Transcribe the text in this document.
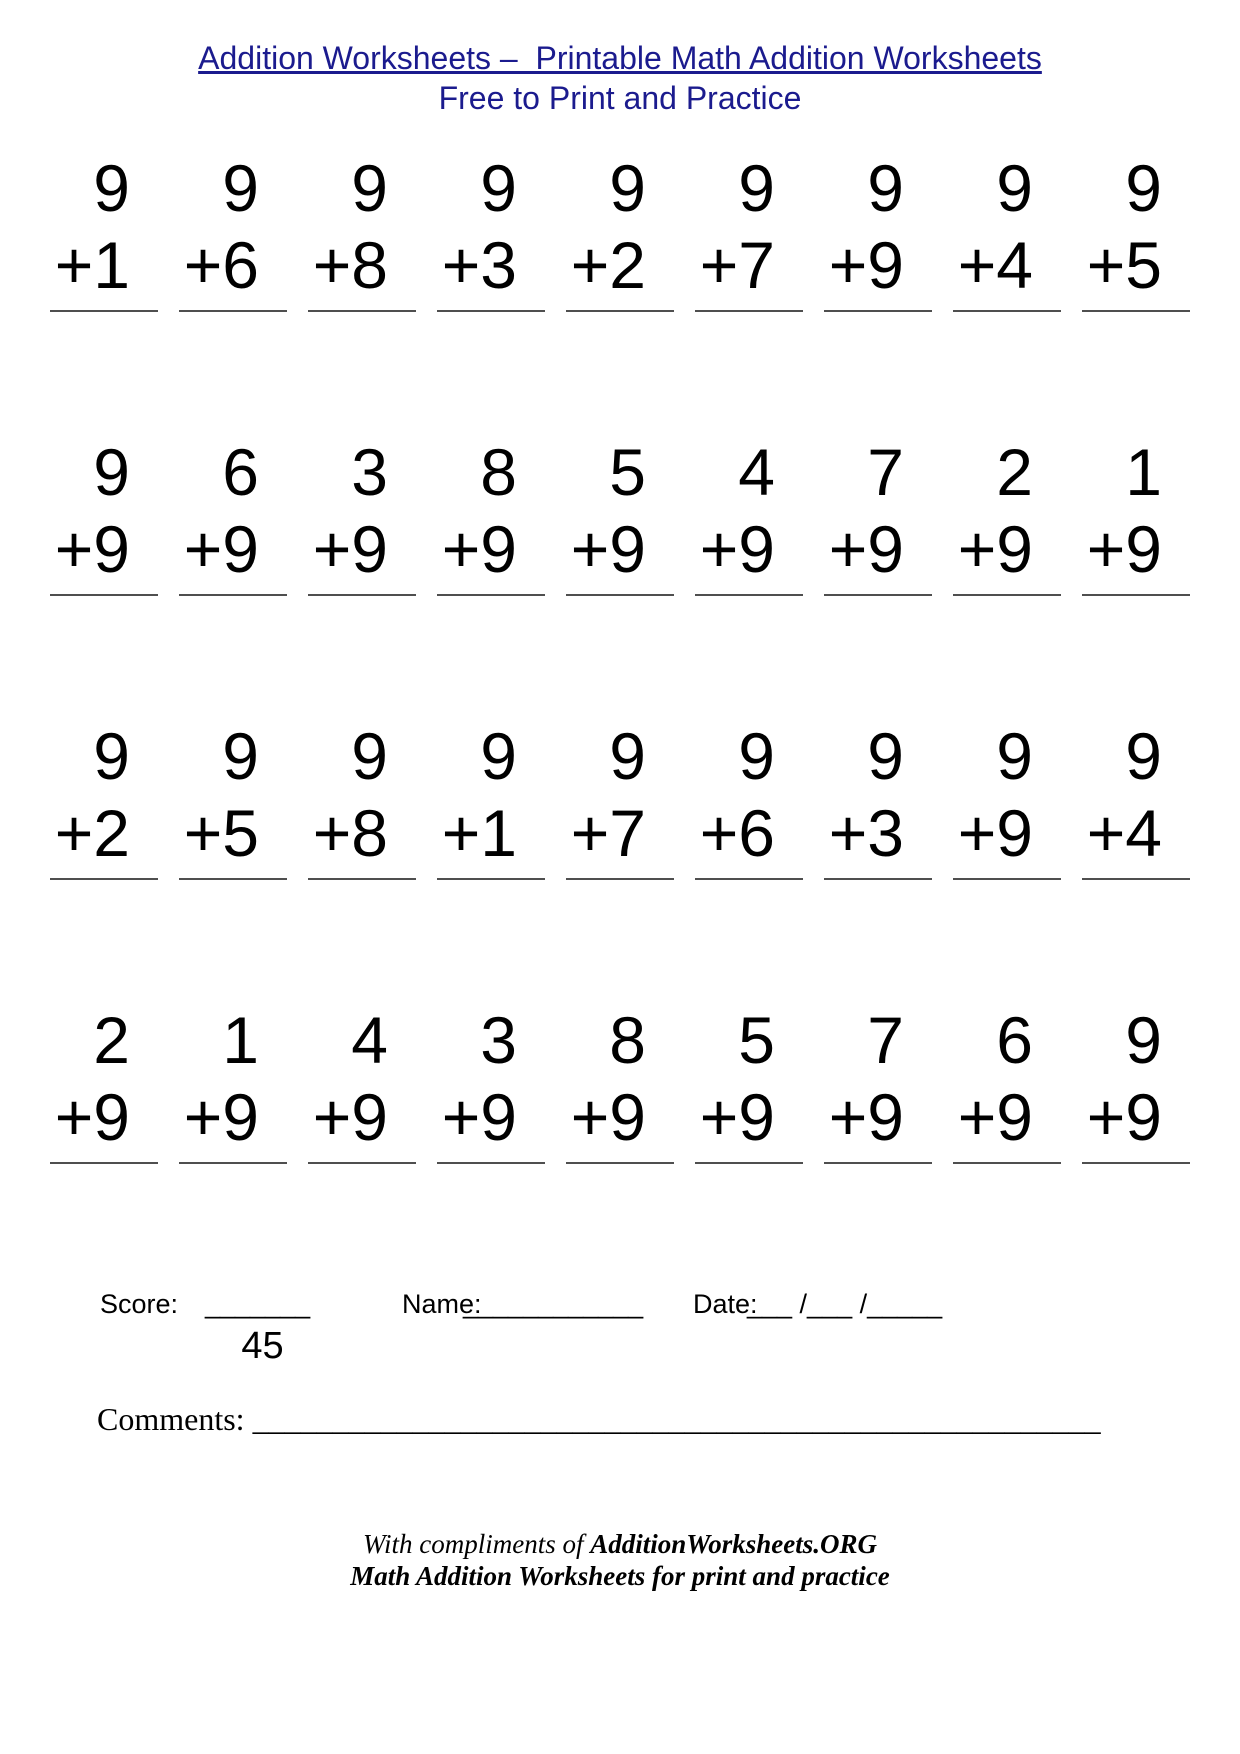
Addition Worksheets –  Printable Math Addition Worksheets
Free to Print and Practice
9
+1
9
+6
9
+8
9
+3
9
+2
9
+7
9
+9
9
+4
9
+5
9
+9
6
+9
3
+9
8
+9
5
+9
4
+9
7
+9
2
+9
1
+9
9
+2
9
+5
9
+8
9
+1
9
+7
9
+6
9
+3
9
+9
9
+4
2
+9
1
+9
4
+9
3
+9
8
+9
5
+9
7
+9
6
+9
9
+9
Score: _______
45
Name:
____________ Date:
___ /___ /_____
Comments: _____________________________________________________
With compliments of AdditionWorksheets.ORG
Math Addition Worksheets for print and practice
